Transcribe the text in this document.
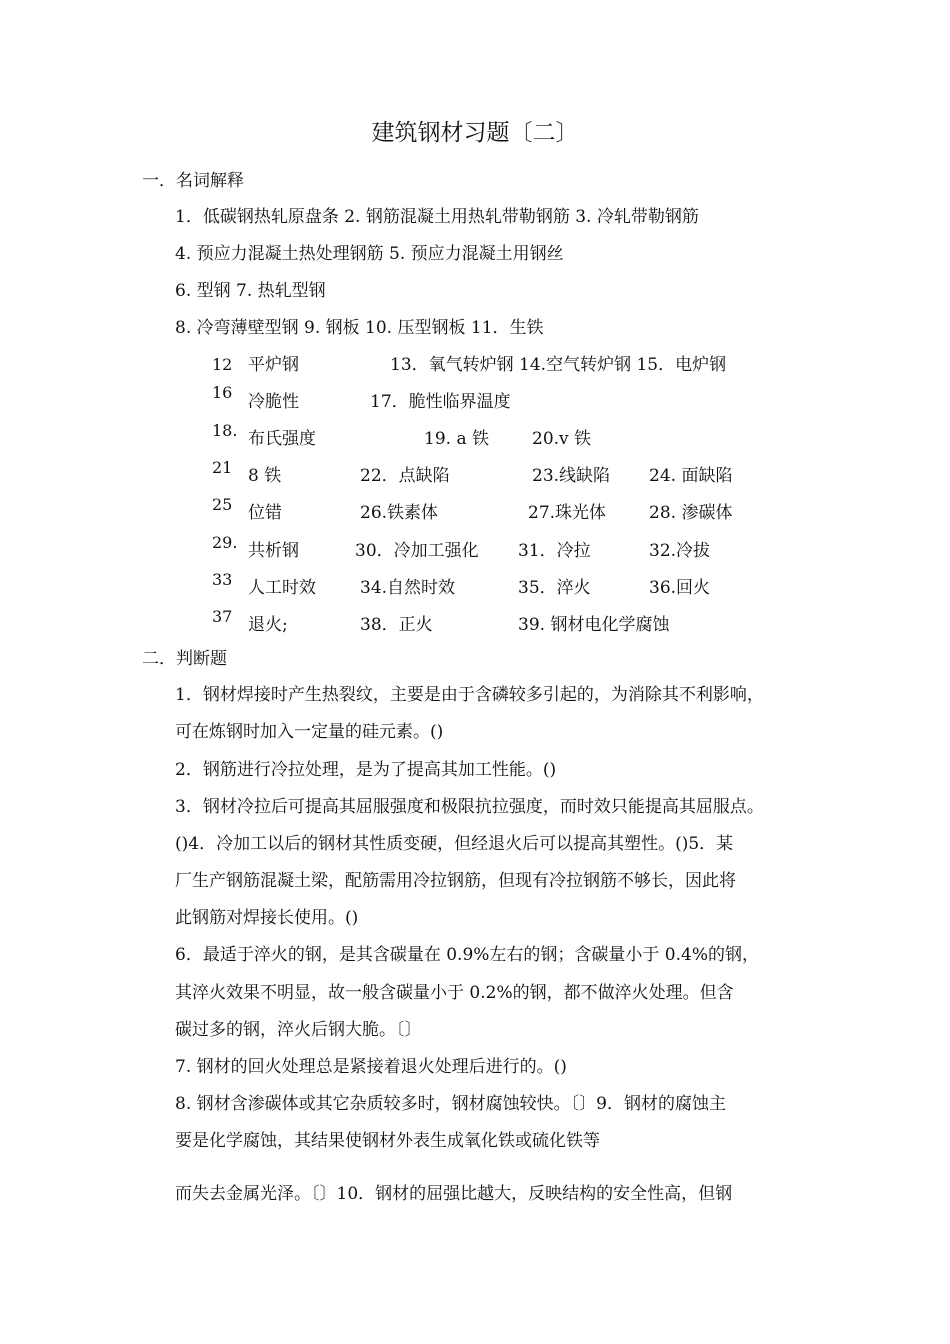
建筑钢材习题〔二〕
一．名词解释
1．低碳钢热轧原盘条 2. 钢筋混凝土用热轧带勒钢筋 3. 冷轧带勒钢筋
4. 预应力混凝土热处理钢筋 5. 预应力混凝土用钢丝
6. 型钢 7. 热轧型钢
8. 冷弯薄壁型钢 9. 钢板 10. 压型钢板 11．生铁
12 平炉钢	13．氧气转炉钢 14.空气转炉钢 15．电炉钢
16 冷脆性	17．脆性临界温度
18. 布氏强度	19. a 铁	20.v 铁
21 8 铁	22．点缺陷	23.线缺陷 24. 面缺陷
25 位错	26.铁素体	27.珠光体	28. 渗碳体
29. 共析钢	30．冷加工强化 31．冷拉	32.冷拔
33 人工时效	34.自然时效	35．淬火	36.回火
37 退火;	38．正火	39. 钢材电化学腐蚀
二．判断题
1．钢材焊接时产生热裂纹，主要是由于含磷较多引起的，为消除其不利影响，
可在炼钢时加入一定量的硅元素。()
2．钢筋进行冷拉处理，是为了提高其加工性能。()
3．钢材冷拉后可提高其屈服强度和极限抗拉强度，而时效只能提高其屈服点。
()4．冷加工以后的钢材其性质变硬，但经退火后可以提高其塑性。()5．某
厂生产钢筋混凝土梁，配筋需用冷拉钢筋，但现有冷拉钢筋不够长，因此将
此钢筋对焊接长使用。()
6．最适于淬火的钢，是其含碳量在 0.9%左右的钢；含碳量小于 0.4%的钢，
其淬火效果不明显，故一般含碳量小于 0.2%的钢，都不做淬火处理。但含
碳过多的钢，淬火后钢大脆。〔〕
7. 钢材的回火处理总是紧接着退火处理后进行的。()
8. 钢材含渗碳体或其它杂质较多时，钢材腐蚀较快。〔〕9．钢材的腐蚀主
要是化学腐蚀，其结果使钢材外表生成氧化铁或硫化铁等
而失去金属光泽。〔〕10．钢材的屈强比越大，反映结构的安全性高，但钢
